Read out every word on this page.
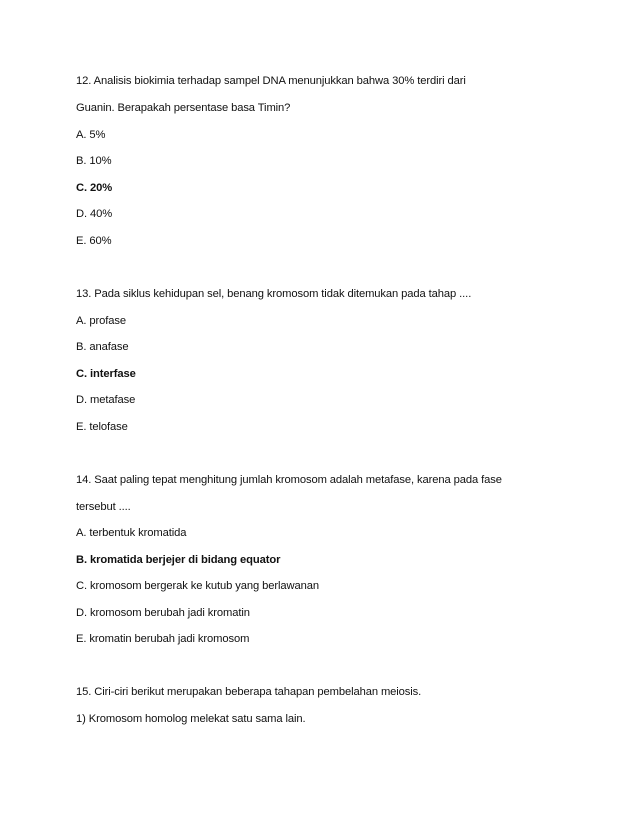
12. Analisis biokimia terhadap sampel DNA menunjukkan bahwa 30% terdiri dari
Guanin. Berapakah persentase basa Timin?
A. 5%
B. 10%
C. 20%
D. 40%
E. 60%
13. Pada siklus kehidupan sel, benang kromosom tidak ditemukan pada tahap ....
A. profase
B. anafase
C. interfase
D. metafase
E. telofase
14. Saat paling tepat menghitung jumlah kromosom adalah metafase, karena pada fase
tersebut ....
A. terbentuk kromatida
B. kromatida berjejer di bidang equator
C. kromosom bergerak ke kutub yang berlawanan
D. kromosom berubah jadi kromatin
E. kromatin berubah jadi kromosom
15. Ciri-ciri berikut merupakan beberapa tahapan pembelahan meiosis.
1) Kromosom homolog melekat satu sama lain.
